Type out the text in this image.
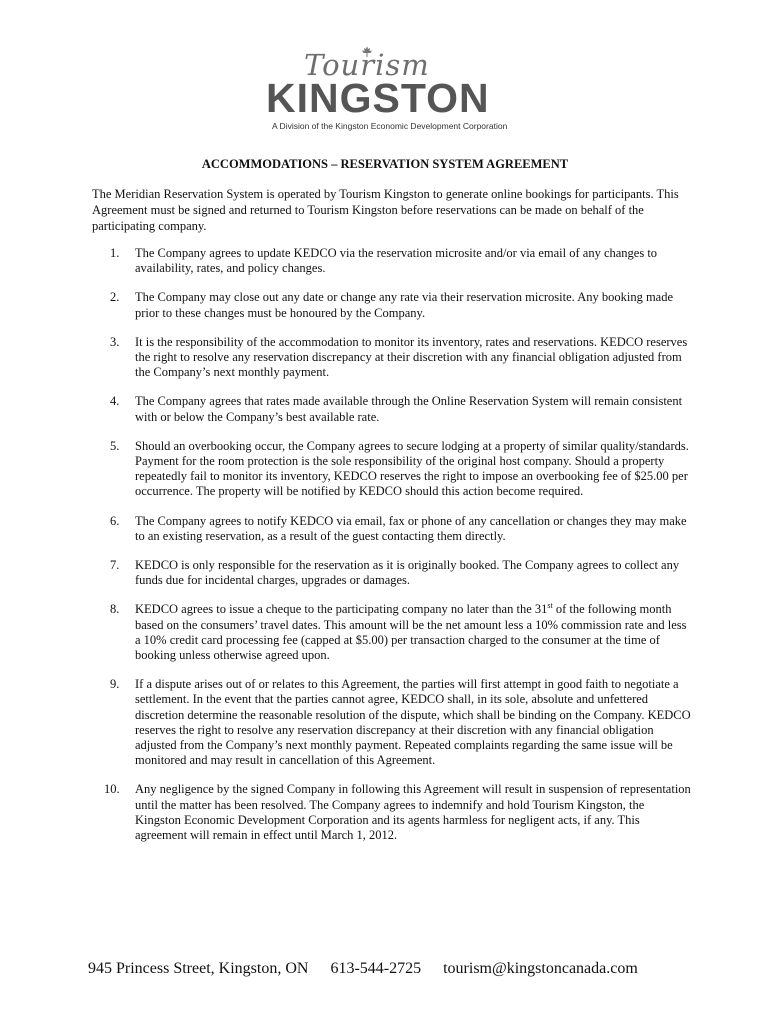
Tourism
KINGSTON
A Division of the Kingston Economic Development Corporation
ACCOMMODATIONS – RESERVATION SYSTEM AGREEMENT
The Meridian Reservation System is operated by Tourism Kingston to generate online bookings for participants. This Agreement must be signed and returned to Tourism Kingston before reservations can be made on behalf of the participating company.
1.	The Company agrees to update KEDCO via the reservation microsite and/or via email of any changes to availability, rates, and policy changes.
2.	The Company may close out any date or change any rate via their reservation microsite. Any booking made prior to these changes must be honoured by the Company.
3.	It is the responsibility of the accommodation to monitor its inventory, rates and reservations. KEDCO reserves the right to resolve any reservation discrepancy at their discretion with any financial obligation adjusted from the Company’s next monthly payment.
4.	The Company agrees that rates made available through the Online Reservation System will remain consistent with or below the Company’s best available rate.
5.	Should an overbooking occur, the Company agrees to secure lodging at a property of similar quality/standards. Payment for the room protection is the sole responsibility of the original host company. Should a property repeatedly fail to monitor its inventory, KEDCO reserves the right to impose an overbooking fee of $25.00 per occurrence. The property will be notified by KEDCO should this action become required.
6.	The Company agrees to notify KEDCO via email, fax or phone of any cancellation or changes they may make to an existing reservation, as a result of the guest contacting them directly.
7.	KEDCO is only responsible for the reservation as it is originally booked. The Company agrees to collect any funds due for incidental charges, upgrades or damages.
8.	KEDCO agrees to issue a cheque to the participating company no later than the 31st of the following month based on the consumers’ travel dates. This amount will be the net amount less a 10% commission rate and less a 10% credit card processing fee (capped at $5.00) per transaction charged to the consumer at the time of booking unless otherwise agreed upon.
9.	If a dispute arises out of or relates to this Agreement, the parties will first attempt in good faith to negotiate a settlement. In the event that the parties cannot agree, KEDCO shall, in its sole, absolute and unfettered discretion determine the reasonable resolution of the dispute, which shall be binding on the Company. KEDCO reserves the right to resolve any reservation discrepancy at their discretion with any financial obligation adjusted from the Company’s next monthly payment. Repeated complaints regarding the same issue will be monitored and may result in cancellation of this Agreement.
10.	Any negligence by the signed Company in following this Agreement will result in suspension of representation until the matter has been resolved. The Company agrees to indemnify and hold Tourism Kingston, the Kingston Economic Development Corporation and its agents harmless for negligent acts, if any. This agreement will remain in effect until March 1, 2012.
945 Princess Street, Kingston, ON 613-544-2725 tourism@kingstoncanada.com
